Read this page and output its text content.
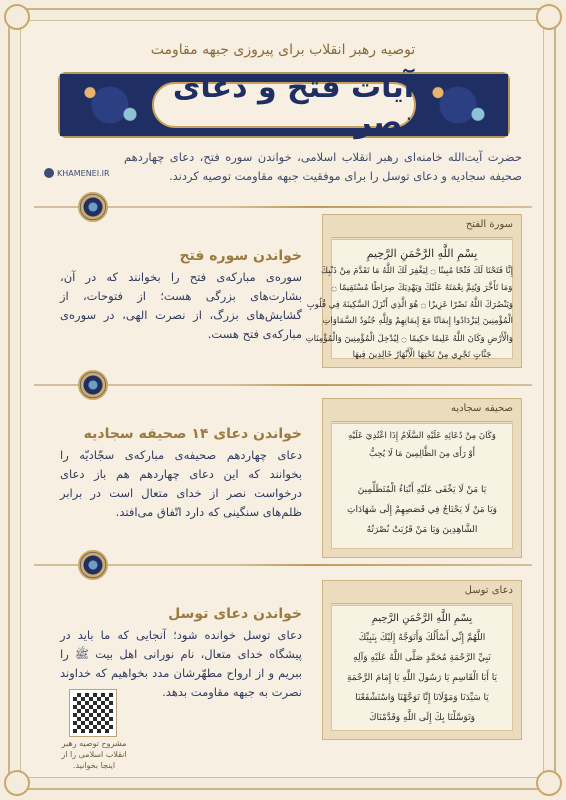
توصیه رهبر انقلاب برای پیروزی جبهه مقاومت
آیات فتح و دعای نصر
حضرت آیت‌الله خامنه‌ای رهبر انقلاب اسلامی، خواندن سوره فتح، دعای چهاردهم صحیفه سجادیه و دعای توسل را برای موفقیت جبهه مقاومت توصیه کردند.
KHAMENEI.IR
سورة الفتح
بِسْمِ اللَّهِ الرَّحْمَنِ الرَّحِيمِ
إِنَّا فَتَحْنَا لَكَ فَتْحًا مُبِينًا ۝ لِيَغْفِرَ لَكَ اللَّهُ مَا تَقَدَّمَ مِنْ ذَنْبِكَ
وَمَا تَأَخَّرَ وَيُتِمَّ نِعْمَتَهُ عَلَيْكَ وَيَهْدِيَكَ صِرَاطًا مُسْتَقِيمًا ۝
وَيَنْصُرَكَ اللَّهُ نَصْرًا عَزِيزًا ۝ هُوَ الَّذِي أَنْزَلَ السَّكِينَةَ فِي قُلُوبِ
الْمُؤْمِنِينَ لِيَزْدَادُوا إِيمَانًا مَعَ إِيمَانِهِمْ وَلِلَّهِ جُنُودُ السَّمَاوَاتِ
وَالْأَرْضِ وَكَانَ اللَّهُ عَلِيمًا حَكِيمًا ۝ لِيُدْخِلَ الْمُؤْمِنِينَ وَالْمُؤْمِنَاتِ
جَنَّاتٍ تَجْرِي مِنْ تَحْتِهَا الْأَنْهَارُ خَالِدِينَ فِيهَا
خواندن سوره فتح
سوره‌ی مبارکه‌ی فتح را بخوانند که در آن، بشارت‌های بزرگی هست؛ از فتوحات، از گشایش‌های بزرگ، از نصرت الهی، در سوره‌ی مبارکه‌ی فتح هست.
صحیفه سجادیه
وَكَانَ مِنْ دُعَائِهِ عَلَيْهِ السَّلَامُ إِذَا اعْتُدِيَ عَلَيْهِ
أَوْ رَأَى مِنَ الظَّالِمِينَ مَا لَا يُحِبُّ
يَا مَنْ لَا يَخْفَى عَلَيْهِ أَنْبَاءُ الْمُتَظَلِّمِينَ
وَيَا مَنْ لَا يَحْتَاجُ فِي قَصَصِهِمْ إِلَى شَهَادَاتِ
الشَّاهِدِينَ وَيَا مَنْ قَرُبَتْ نُصْرَتُهُ
خواندن دعای ۱۴ صحیفه سجادیه
دعای چهاردهم صحیفه‌ی مبارکه‌ی سجّادیّه را بخوانند که این دعای چهاردهم هم باز دعای درخواست نصر از خدای متعال است در برابر ظلم‌های سنگینی که دارد اتّفاق می‌افتد.
دعای توسل
بِسْمِ اللَّهِ الرَّحْمَنِ الرَّحِيمِ
اللَّهُمَّ إِنِّي أَسْأَلُكَ وَأَتَوَجَّهُ إِلَيْكَ بِنَبِيِّكَ
نَبِيِّ الرَّحْمَةِ مُحَمَّدٍ صَلَّى اللَّهُ عَلَيْهِ وَآلِهِ
يَا أَبَا الْقَاسِمِ يَا رَسُولَ اللَّهِ يَا إِمَامَ الرَّحْمَةِ
يَا سَيِّدَنَا وَمَوْلَانَا إِنَّا تَوَجَّهْنَا وَاسْتَشْفَعْنَا
وَتَوَسَّلْنَا بِكَ إِلَى اللَّهِ وَقَدَّمْنَاكَ
خواندن دعای توسل
دعای توسل خوانده شود؛ آنجایی که ما باید در پیشگاه خدای متعال، نام نورانی اهل بیت ﷺ را ببریم و از ارواح مطهّرشان مدد بخواهیم که خداوند نصرت به جبهه مقاومت بدهد.
مشروح توصیه رهبر انقلاب اسلامی را از اینجا بخوانید.
